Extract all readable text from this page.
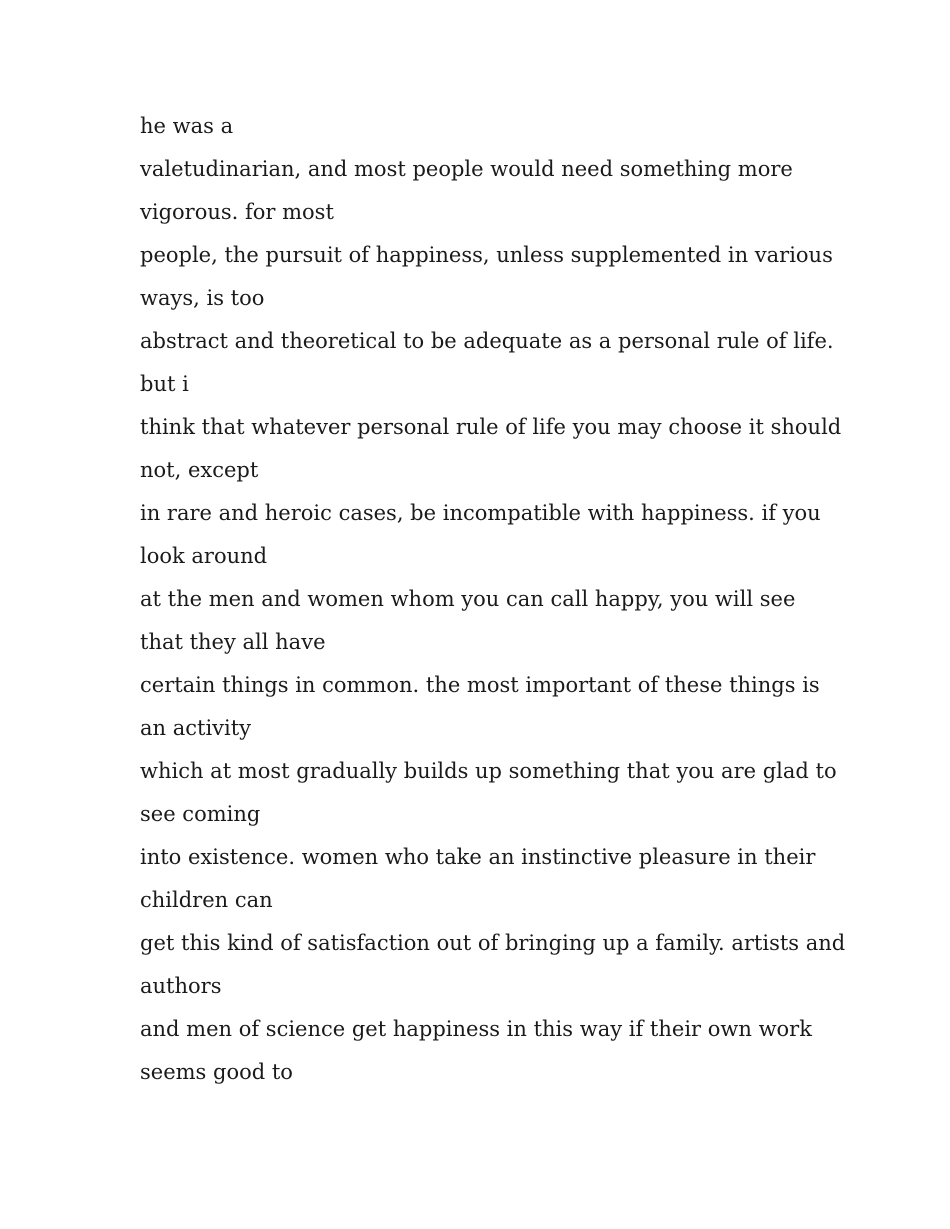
he was a
valetudinarian, and most people would need something more
vigorous. for most
people, the pursuit of happiness, unless supplemented in various
ways, is too
abstract and theoretical to be adequate as a personal rule of life.
but i
think that whatever personal rule of life you may choose it should
not, except
in rare and heroic cases, be incompatible with happiness. if you
look around
at the men and women whom you can call happy, you will see
that they all have
certain things in common. the most important of these things is
an activity
which at most gradually builds up something that you are glad to
see coming
into existence. women who take an instinctive pleasure in their
children can
get this kind of satisfaction out of bringing up a family. artists and
authors
and men of science get happiness in this way if their own work
seems good to
